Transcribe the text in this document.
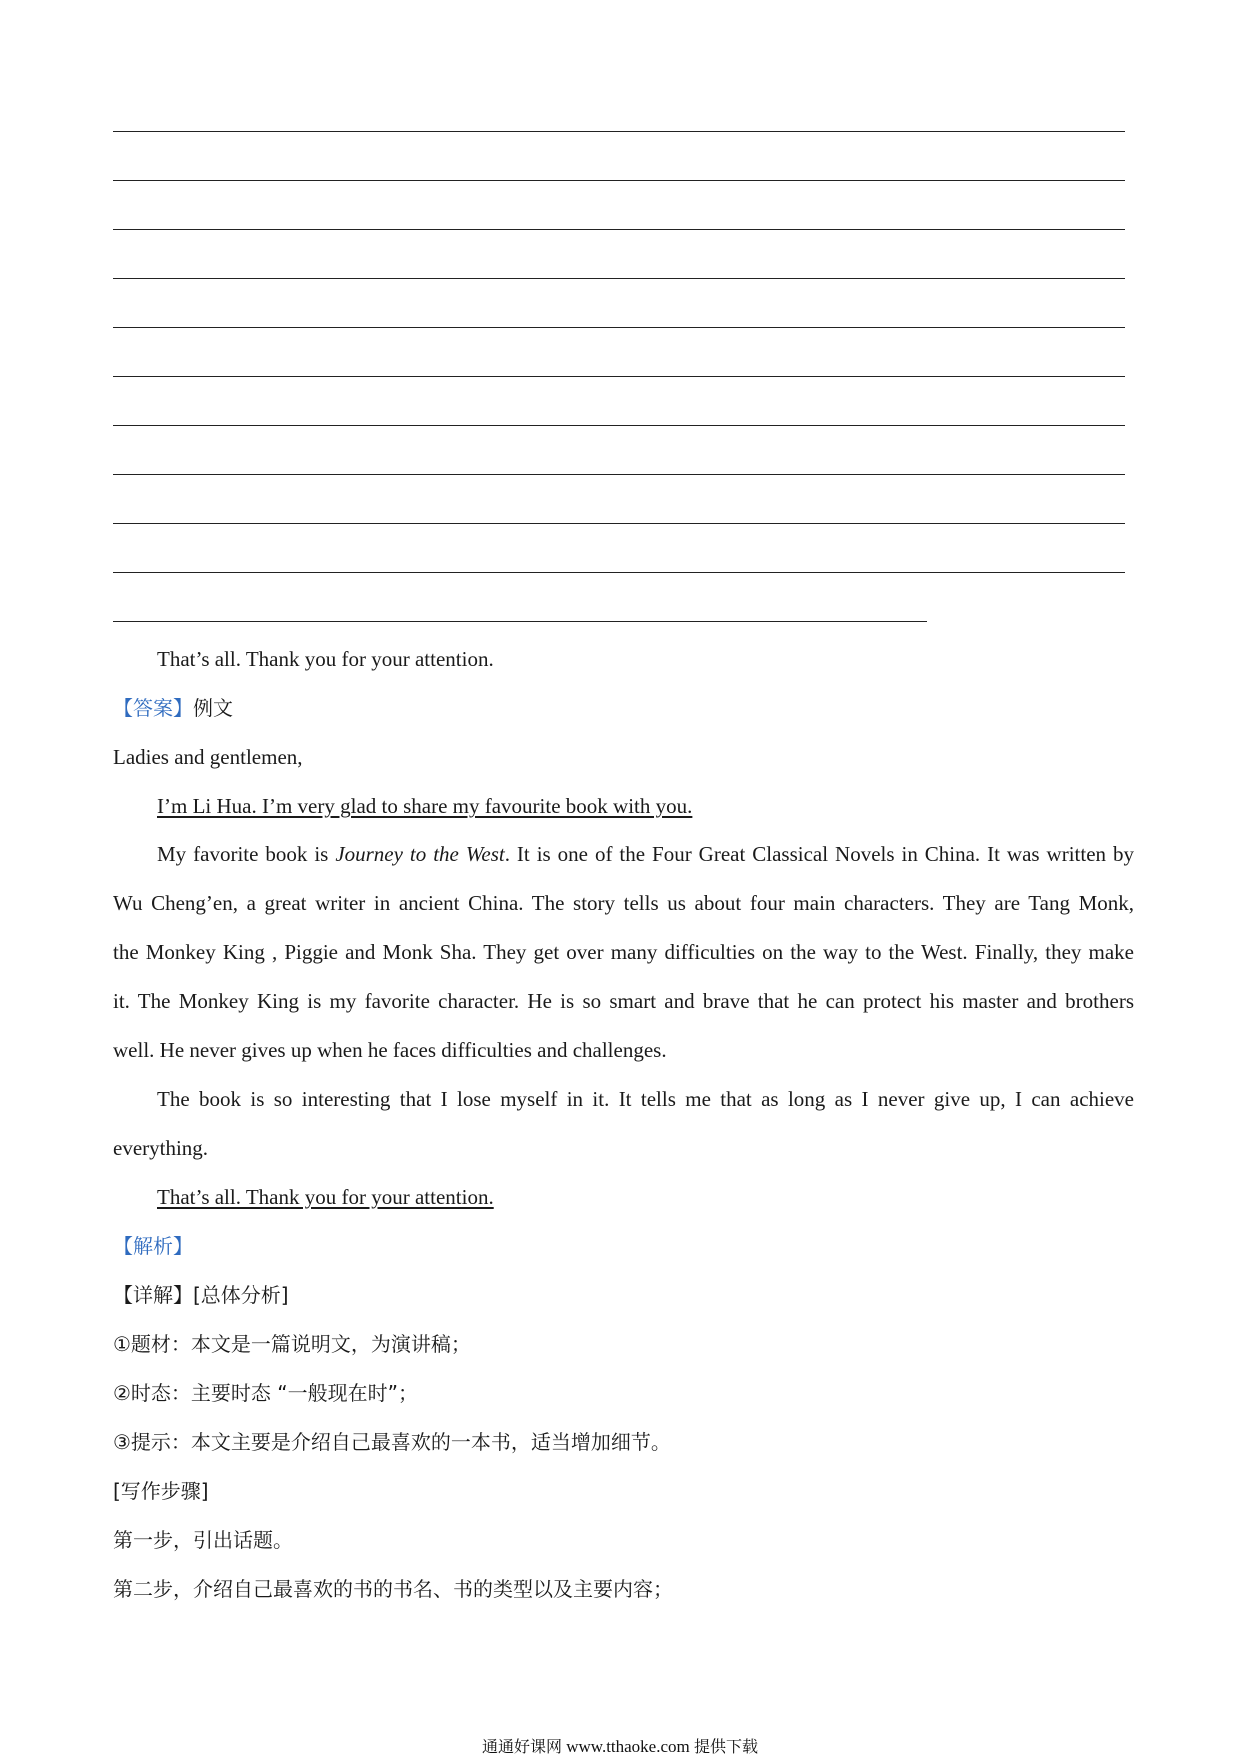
That’s all. Thank you for your attention.
【答案】例文
Ladies and gentlemen,
I’m Li Hua. I’m very glad to share my favourite book with you.
My favorite book is Journey to the West. It is one of the Four Great Classical Novels in China. It was written by
Wu Cheng’en, a great writer in ancient China. The story tells us about four main characters. They are Tang Monk,
the Monkey King , Piggie and Monk Sha. They get over many difficulties on the way to the West. Finally, they make
it. The Monkey King is my favorite character. He is so smart and brave that he can protect his master and brothers
well. He never gives up when he faces difficulties and challenges.
The book is so interesting that I lose myself in it. It tells me that as long as I never give up, I can achieve
everything.
That’s all. Thank you for your attention.
【解析】
【详解】[总体分析]
①题材：本文是一篇说明文，为演讲稿；
②时态：主要时态 “一般现在时”；
③提示：本文主要是介绍自己最喜欢的一本书，适当增加细节。
[写作步骤]
第一步，引出话题。
第二步，介绍自己最喜欢的书的书名、书的类型以及主要内容；
通通好课网 www.tthaoke.com 提供下载
